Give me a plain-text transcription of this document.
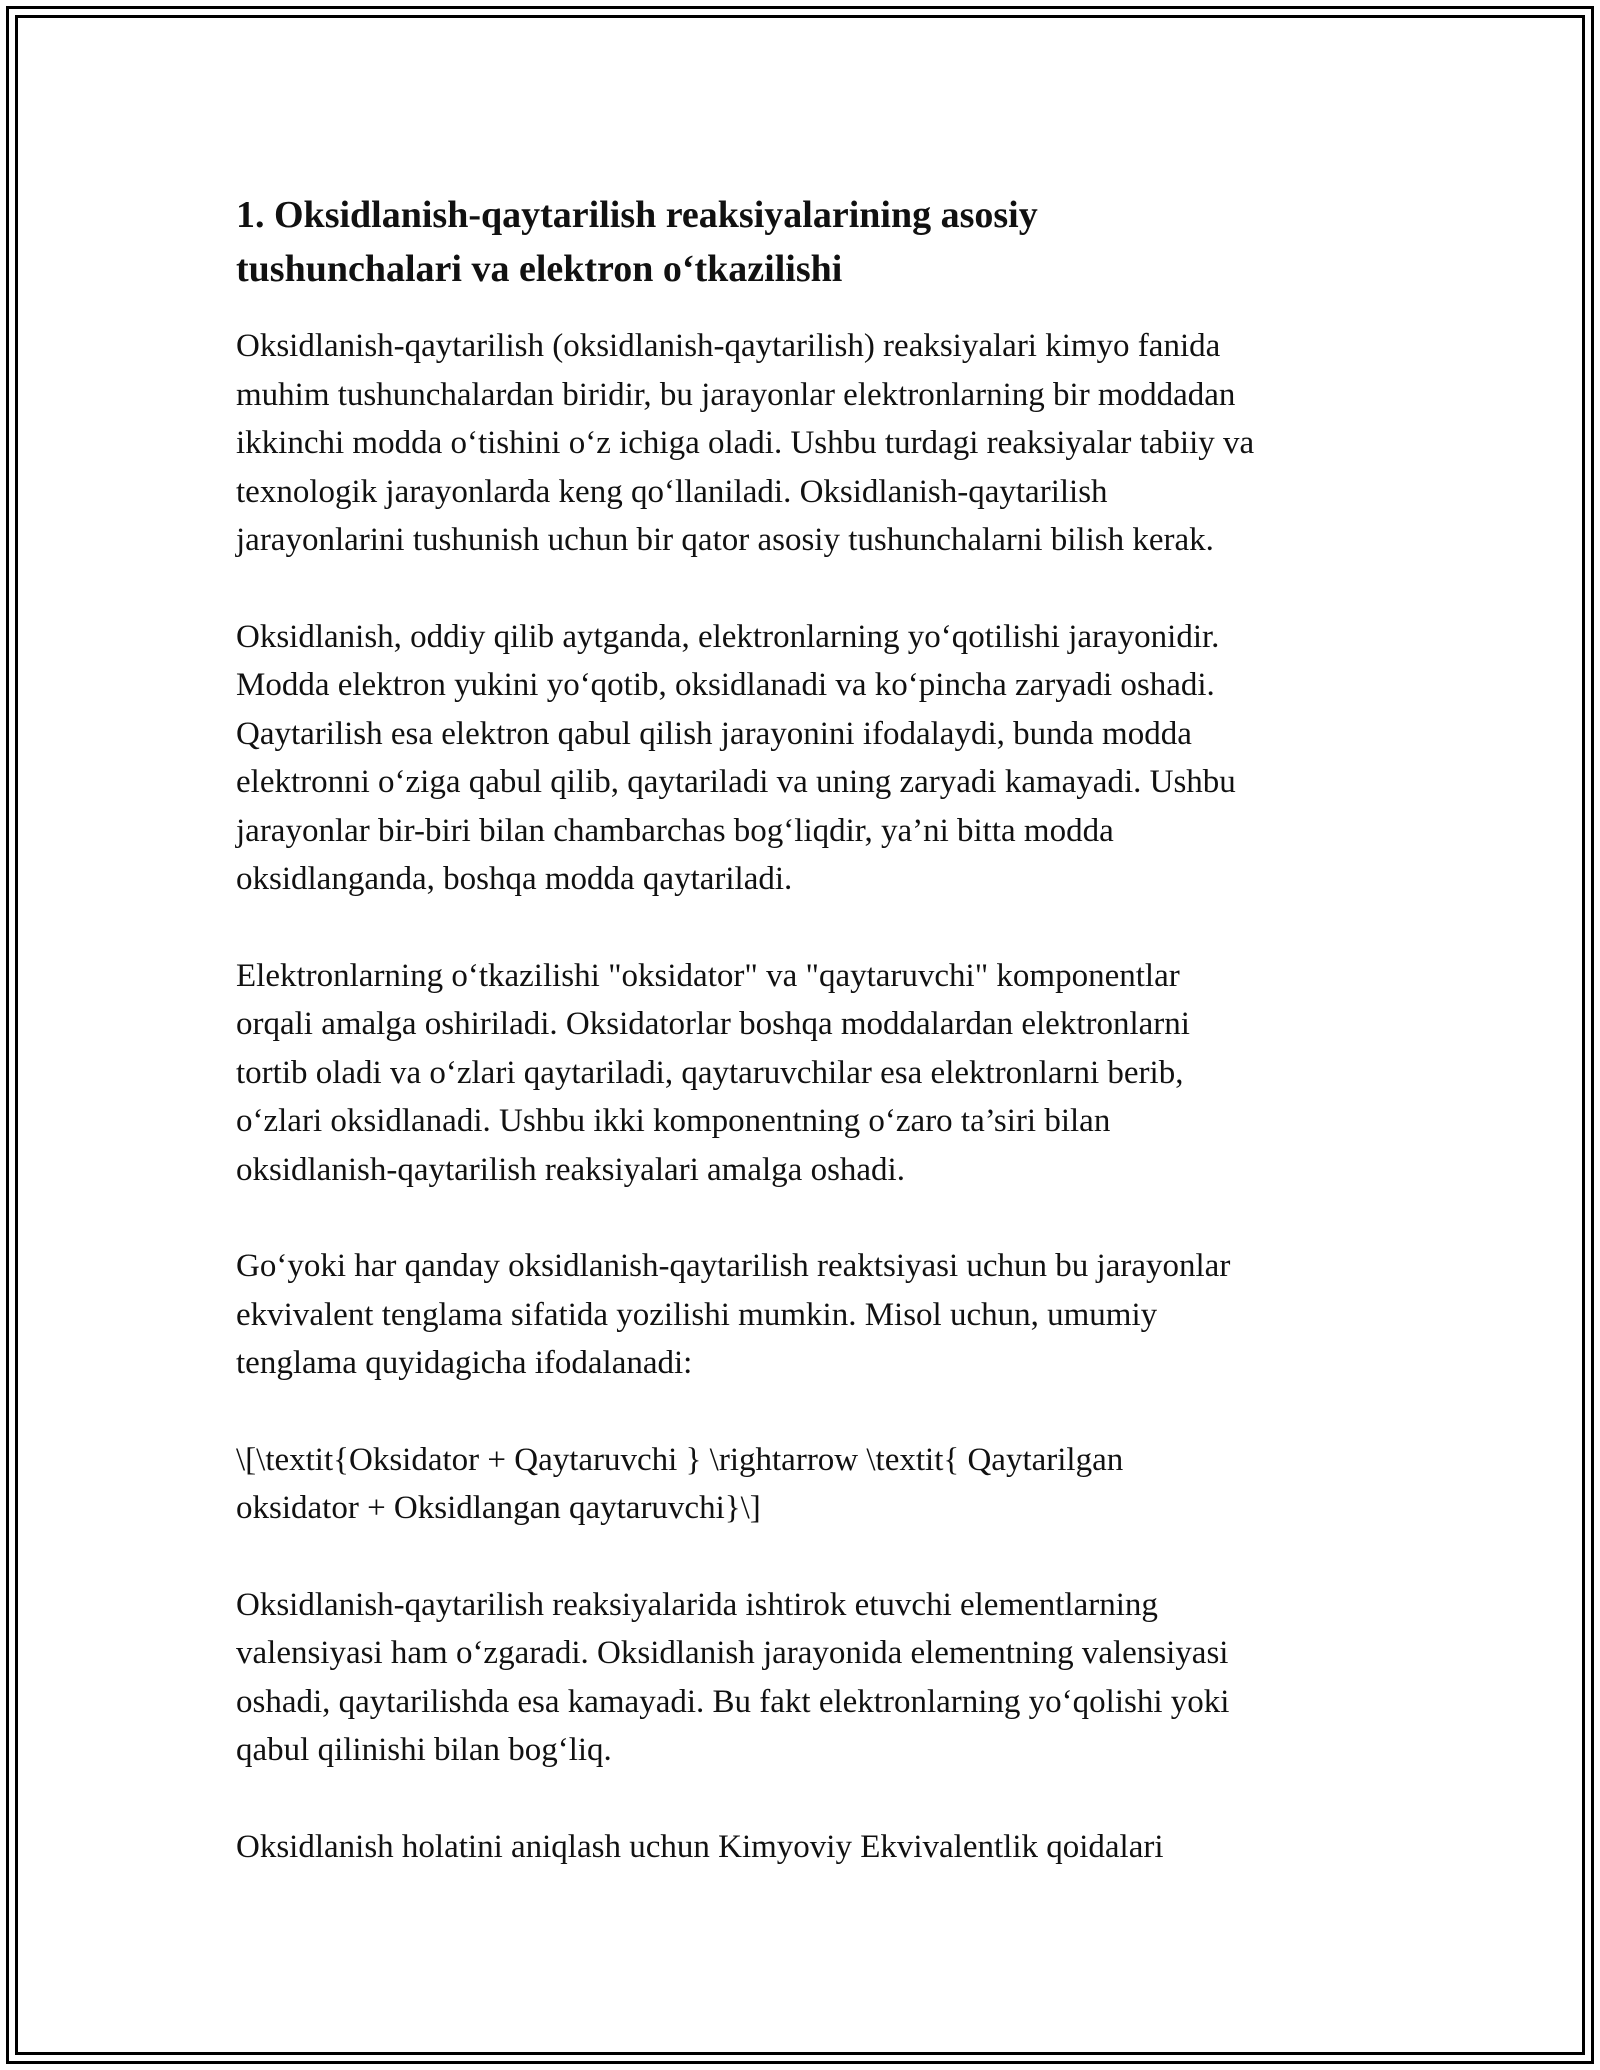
1. Oksidlanish-qaytarilish reaksiyalarining asosiy
tushunchalari va elektron o‘tkazilishi

Oksidlanish-qaytarilish (oksidlanish-qaytarilish) reaksiyalari kimyo fanida
muhim tushunchalardan biridir, bu jarayonlar elektronlarning bir moddadan
ikkinchi modda o‘tishini o‘z ichiga oladi. Ushbu turdagi reaksiyalar tabiiy va
texnologik jarayonlarda keng qo‘llaniladi. Oksidlanish-qaytarilish
jarayonlarini tushunish uchun bir qator asosiy tushunchalarni bilish kerak.

Oksidlanish, oddiy qilib aytganda, elektronlarning yo‘qotilishi jarayonidir.
Modda elektron yukini yo‘qotib, oksidlanadi va ko‘pincha zaryadi oshadi.
Qaytarilish esa elektron qabul qilish jarayonini ifodalaydi, bunda modda
elektronni o‘ziga qabul qilib, qaytariladi va uning zaryadi kamayadi. Ushbu
jarayonlar bir-biri bilan chambarchas bog‘liqdir, ya’ni bitta modda
oksidlanganda, boshqa modda qaytariladi.

Elektronlarning o‘tkazilishi "oksidator" va "qaytaruvchi" komponentlar
orqali amalga oshiriladi. Oksidatorlar boshqa moddalardan elektronlarni
tortib oladi va o‘zlari qaytariladi, qaytaruvchilar esa elektronlarni berib,
o‘zlari oksidlanadi. Ushbu ikki komponentning o‘zaro ta’siri bilan
oksidlanish-qaytarilish reaksiyalari amalga oshadi.

Go‘yoki har qanday oksidlanish-qaytarilish reaktsiyasi uchun bu jarayonlar
ekvivalent tenglama sifatida yozilishi mumkin. Misol uchun, umumiy
tenglama quyidagicha ifodalanadi:

\[\textit{Oksidator + Qaytaruvchi } \rightarrow \textit{ Qaytarilgan
oksidator + Oksidlangan qaytaruvchi}\]

Oksidlanish-qaytarilish reaksiyalarida ishtirok etuvchi elementlarning
valensiyasi ham o‘zgaradi. Oksidlanish jarayonida elementning valensiyasi
oshadi, qaytarilishda esa kamayadi. Bu fakt elektronlarning yo‘qolishi yoki
qabul qilinishi bilan bog‘liq.

Oksidlanish holatini aniqlash uchun Kimyoviy Ekvivalentlik qoidalari
